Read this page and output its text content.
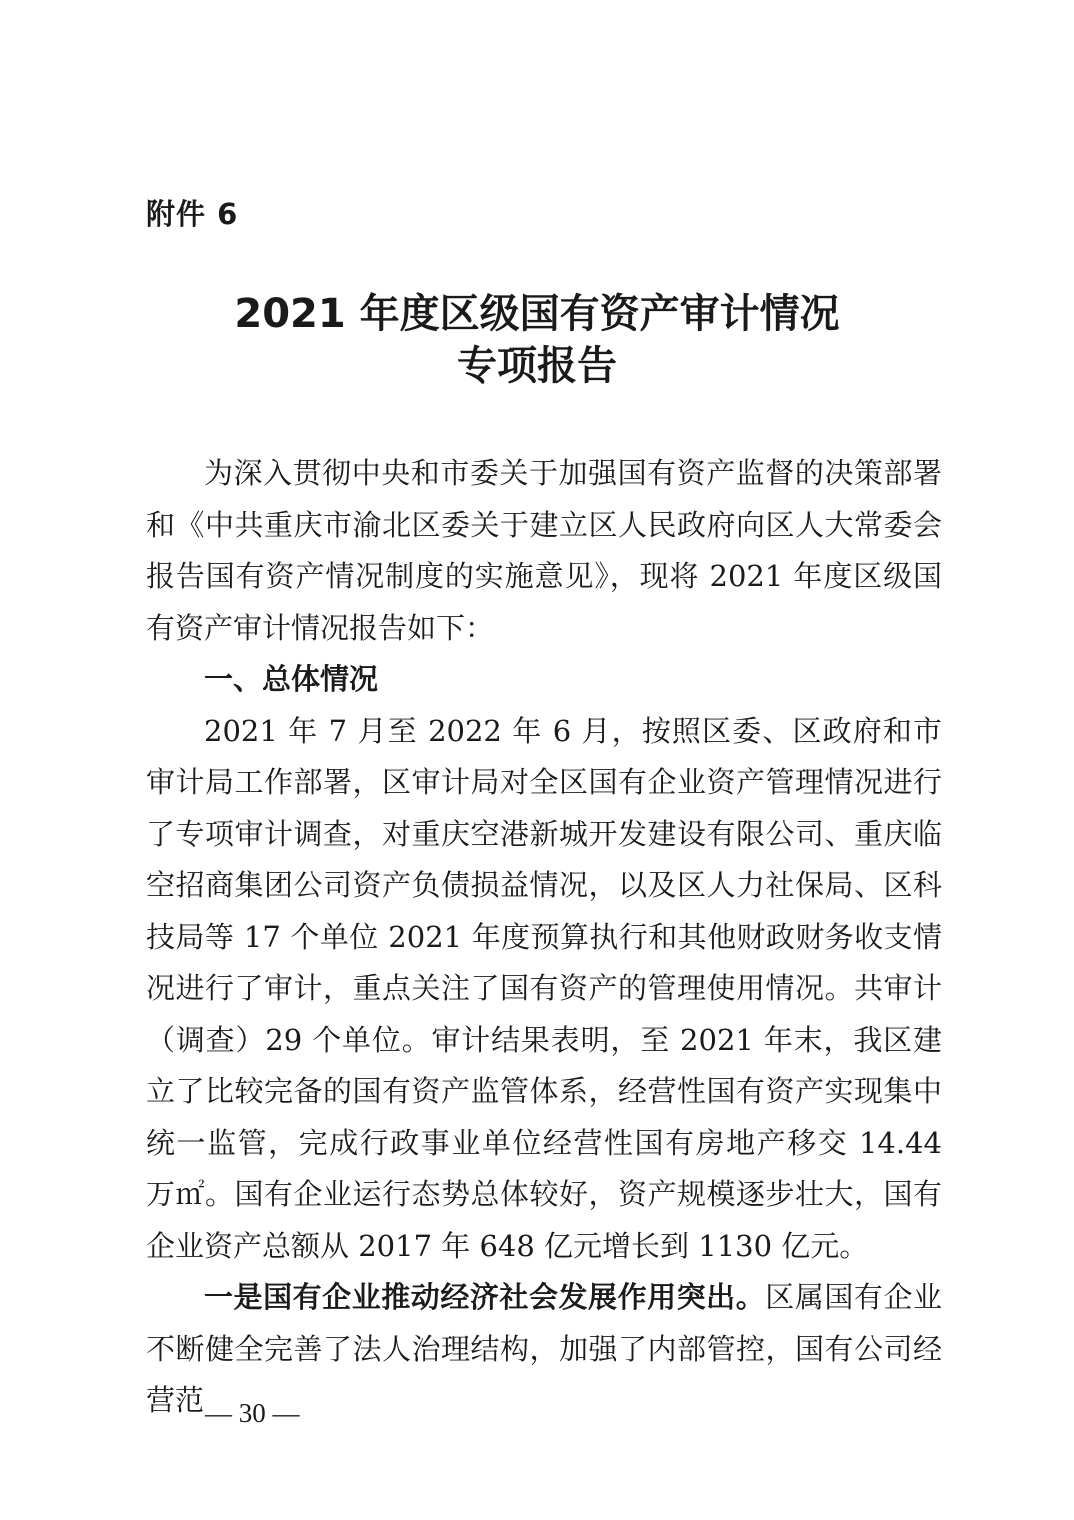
附件 6

2021 年度区级国有资产审计情况
专项报告

为深入贯彻中央和市委关于加强国有资产监督的决策部署和《中共重庆市渝北区委关于建立区人民政府向区人大常委会报告国有资产情况制度的实施意见》，现将 2021 年度区级国有资产审计情况报告如下：

一、总体情况

2021 年 7 月至 2022 年 6 月，按照区委、区政府和市审计局工作部署，区审计局对全区国有企业资产管理情况进行了专项审计调查，对重庆空港新城开发建设有限公司、重庆临空招商集团公司资产负债损益情况，以及区人力社保局、区科技局等 17 个单位 2021 年度预算执行和其他财政财务收支情况进行了审计，重点关注了国有资产的管理使用情况。共审计（调查）29 个单位。审计结果表明，至 2021 年末，我区建立了比较完备的国有资产监管体系，经营性国有资产实现集中统一监管，完成行政事业单位经营性国有房地产移交 14.44 万㎡。国有企业运行态势总体较好，资产规模逐步壮大，国有企业资产总额从 2017 年 648 亿元增长到 1130 亿元。

一是国有企业推动经济社会发展作用突出。区属国有企业不断健全完善了法人治理结构，加强了内部管控，国有公司经营范 — 30 —
